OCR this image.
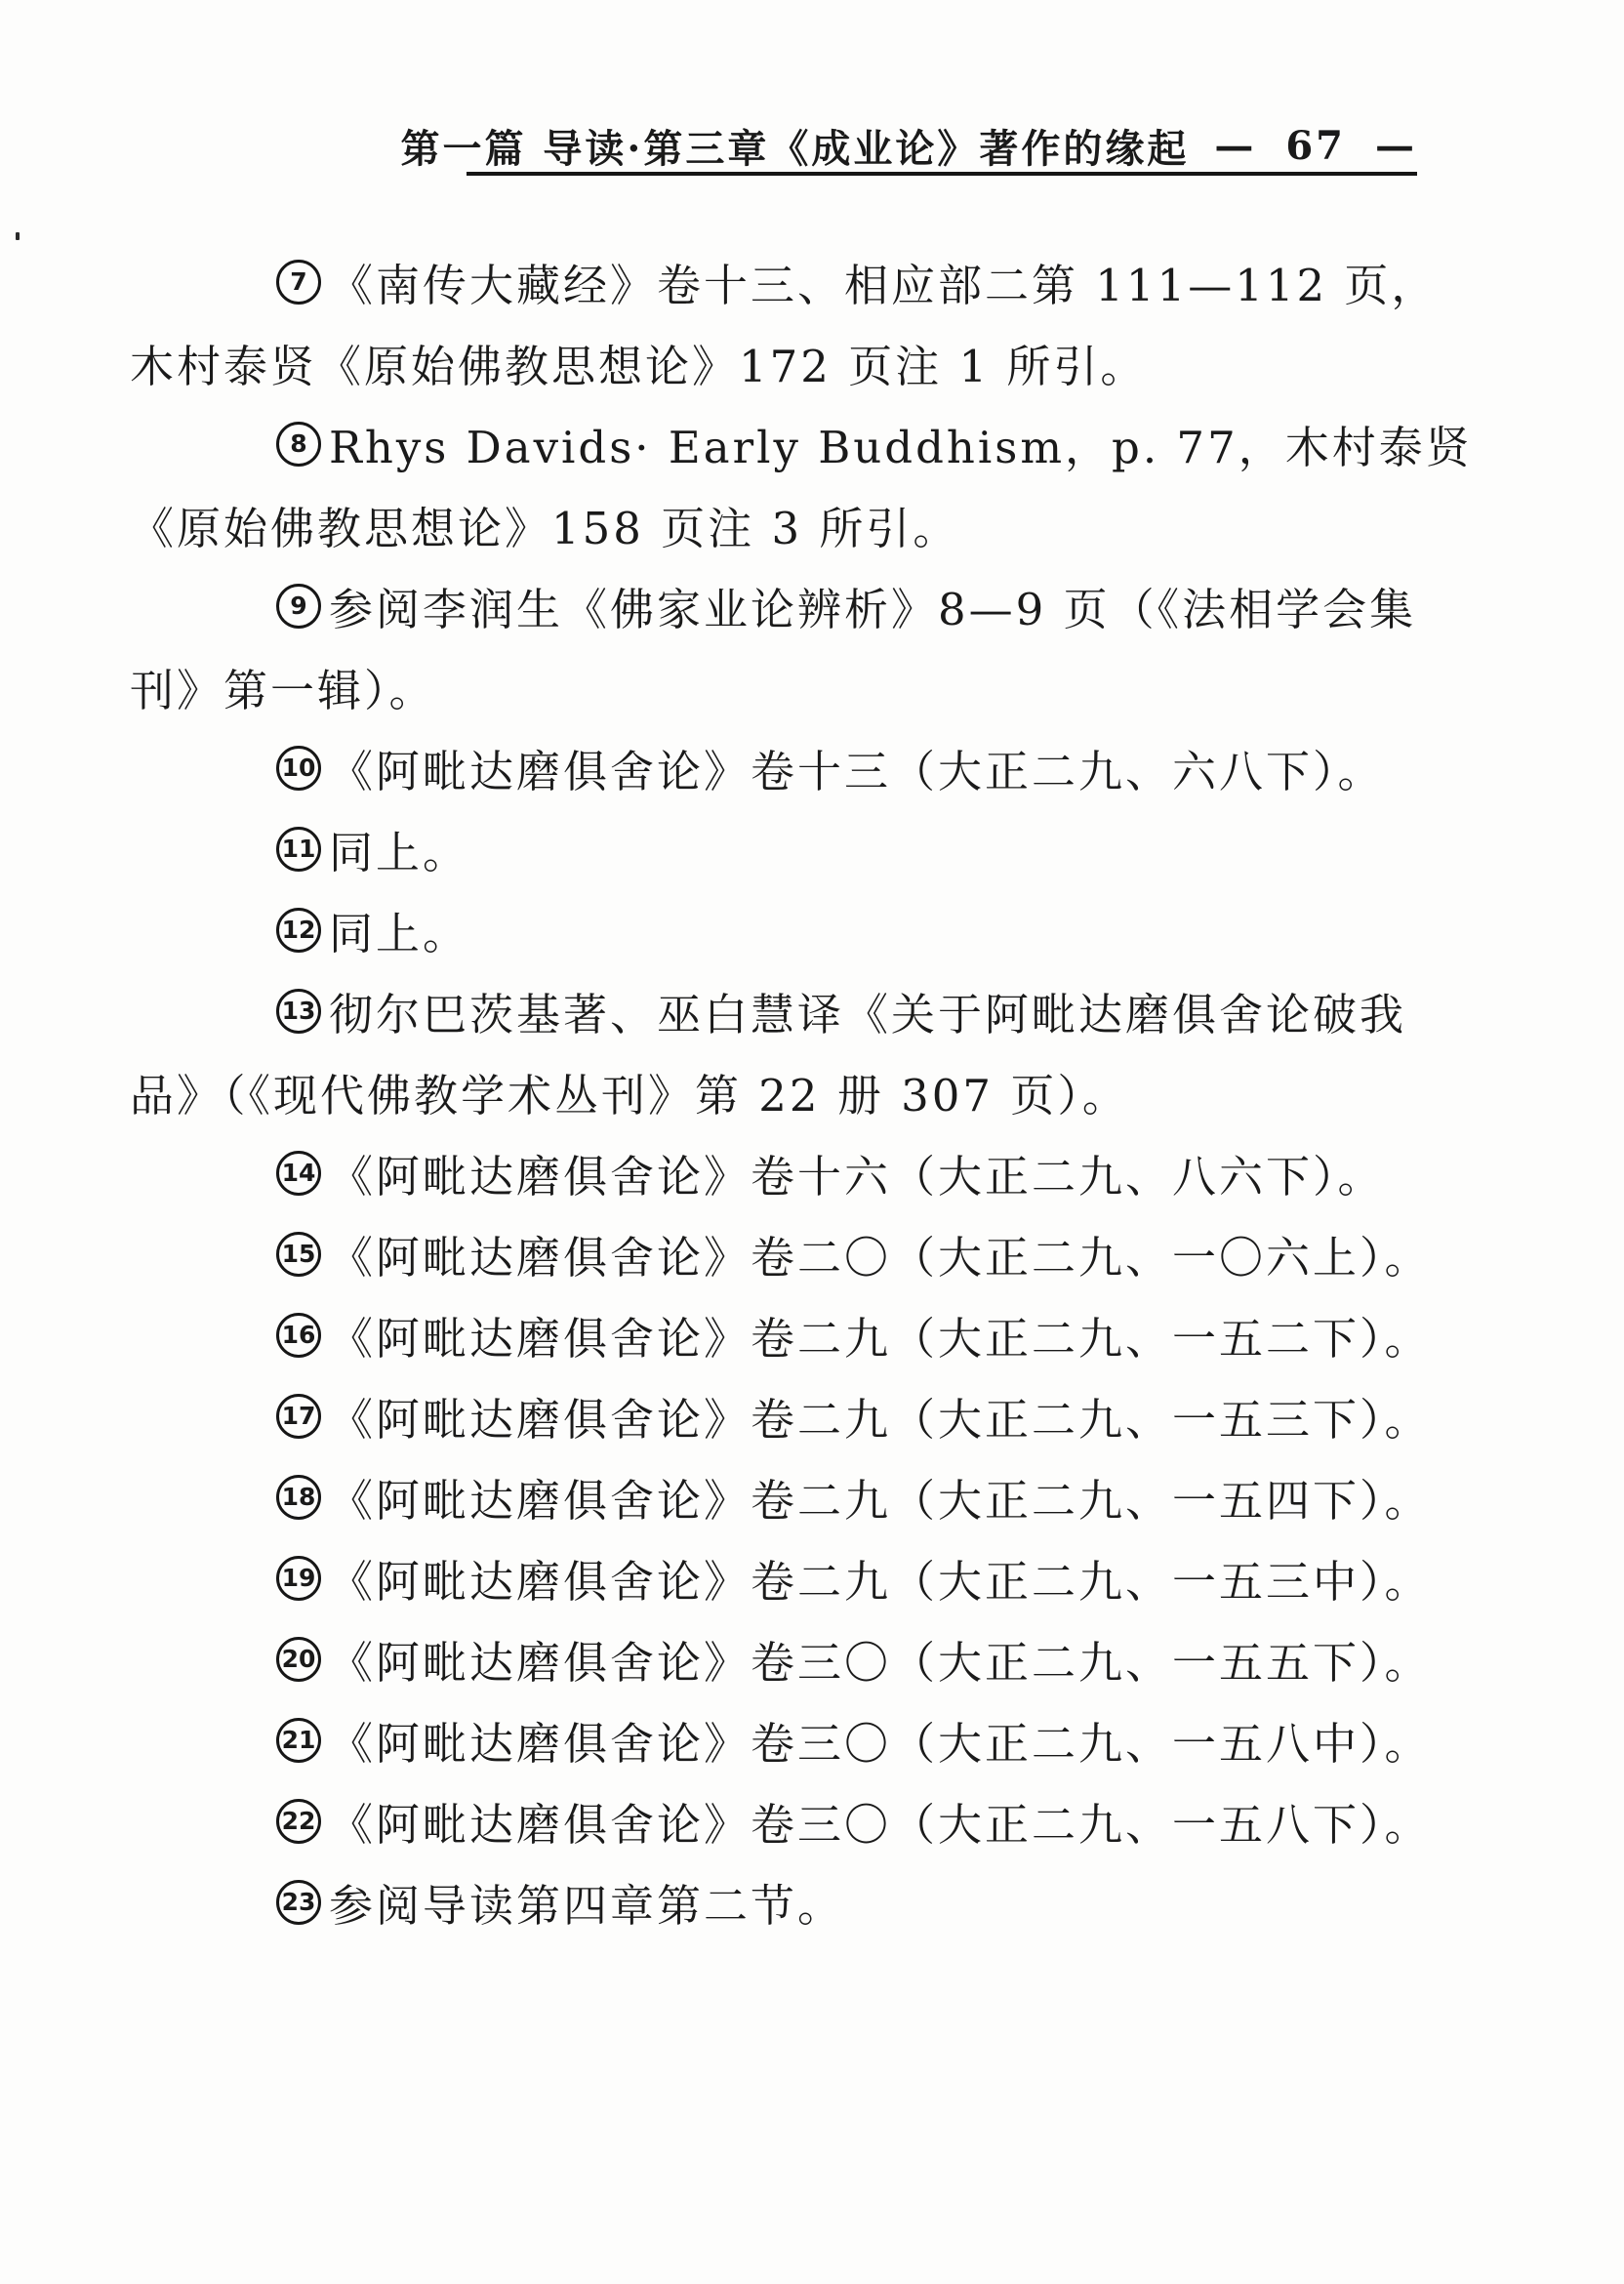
第一篇 导读·第三章《成业论》著作的缘起 — 67 —
7 《南传大藏经》卷十三、相应部二第 111—112 页，
木村泰贤《原始佛教思想论》172 页注 1 所引。
8 Rhys Davids· Early Buddhism，p. 77，木村泰贤
《原始佛教思想论》158 页注 3 所引。
9 参阅李润生《佛家业论辨析》8—9 页（《法相学会集
刊》第一辑）。
10 《阿毗达磨俱舍论》卷十三（大正二九、六八下）。
11 同上。
12 同上。
13 彻尔巴茨基著、巫白慧译《关于阿毗达磨俱舍论破我
品》（《现代佛教学术丛刊》第 22 册 307 页）。
14 《阿毗达磨俱舍论》卷十六（大正二九、八六下）。
15 《阿毗达磨俱舍论》卷二〇（大正二九、一〇六上）。
16 《阿毗达磨俱舍论》卷二九（大正二九、一五二下）。
17 《阿毗达磨俱舍论》卷二九（大正二九、一五三下）。
18 《阿毗达磨俱舍论》卷二九（大正二九、一五四下）。
19 《阿毗达磨俱舍论》卷二九（大正二九、一五三中）。
20 《阿毗达磨俱舍论》卷三〇（大正二九、一五五下）。
21 《阿毗达磨俱舍论》卷三〇（大正二九、一五八中）。
22 《阿毗达磨俱舍论》卷三〇（大正二九、一五八下）。
23 参阅导读第四章第二节。
